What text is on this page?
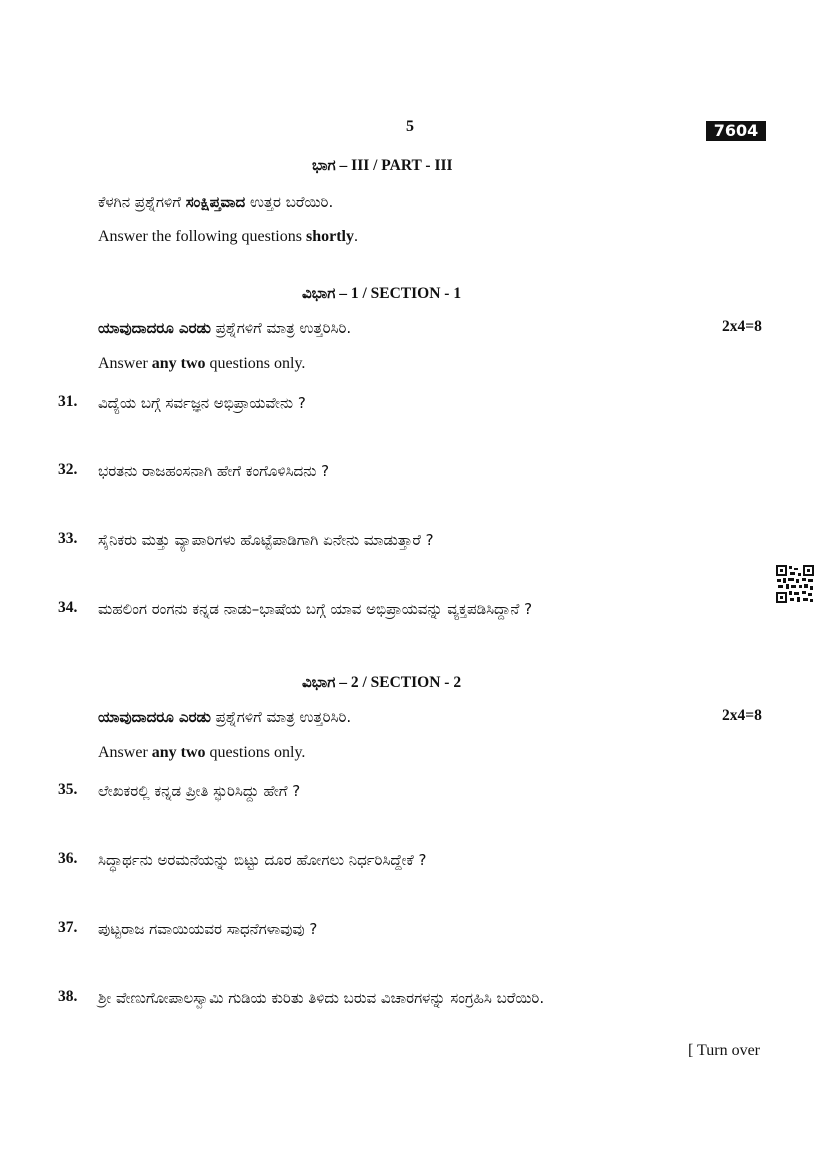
5	7604
ಭಾಗ – III / PART - III
ಕೆಳಗಿನ ಪ್ರಶ್ನೆಗಳಿಗೆ ಸಂಕ್ಷಿಪ್ತವಾದ ಉತ್ತರ ಬರೆಯಿರಿ.
Answer the following questions shortly.
ವಿಭಾಗ – 1 / SECTION - 1
ಯಾವುದಾದರೂ ಎರಡು ಪ್ರಶ್ನೆಗಳಿಗೆ ಮಾತ್ರ ಉತ್ತರಿಸಿರಿ.	2x4=8
Answer any two questions only.
31. ವಿದ್ಯೆಯ ಬಗ್ಗೆ ಸರ್ವಜ್ಞನ ಅಭಿಪ್ರಾಯವೇನು ?
32. ಭರತನು ರಾಜಹಂಸನಾಗಿ ಹೇಗೆ ಕಂಗೊಳಿಸಿದನು ?
33. ಸೈನಿಕರು ಮತ್ತು ವ್ಯಾಪಾರಿಗಳು ಹೊಟ್ಟೆಪಾಡಿಗಾಗಿ ಏನೇನು ಮಾಡುತ್ತಾರೆ ?
34. ಮಹಲಿಂಗ ರಂಗನು ಕನ್ನಡ ನಾಡು–ಭಾಷೆಯ ಬಗ್ಗೆ ಯಾವ ಅಭಿಪ್ರಾಯವನ್ನು ವ್ಯಕ್ತಪಡಿಸಿದ್ದಾನೆ ?
ವಿಭಾಗ – 2 / SECTION - 2
ಯಾವುದಾದರೂ ಎರಡು ಪ್ರಶ್ನೆಗಳಿಗೆ ಮಾತ್ರ ಉತ್ತರಿಸಿರಿ.	2x4=8
Answer any two questions only.
35. ಲೇಖಕರಲ್ಲಿ ಕನ್ನಡ ಪ್ರೀತಿ ಸ್ಫುರಿಸಿದ್ದು ಹೇಗೆ ?
36. ಸಿದ್ಧಾರ್ಥನು ಅರಮನೆಯನ್ನು ಬಿಟ್ಟು ದೂರ ಹೋಗಲು ನಿರ್ಧರಿಸಿದ್ದೇಕೆ ?
37. ಪುಟ್ಟರಾಜ ಗವಾಯಿಯವರ ಸಾಧನೆಗಳಾವುವು ?
38. ಶ್ರೀ ವೇಣುಗೋಪಾಲಸ್ವಾಮಿ ಗುಡಿಯ ಕುರಿತು ತಿಳಿದು ಬರುವ ವಿಚಾರಗಳನ್ನು ಸಂಗ್ರಹಿಸಿ ಬರೆಯಿರಿ.
[ Turn over
